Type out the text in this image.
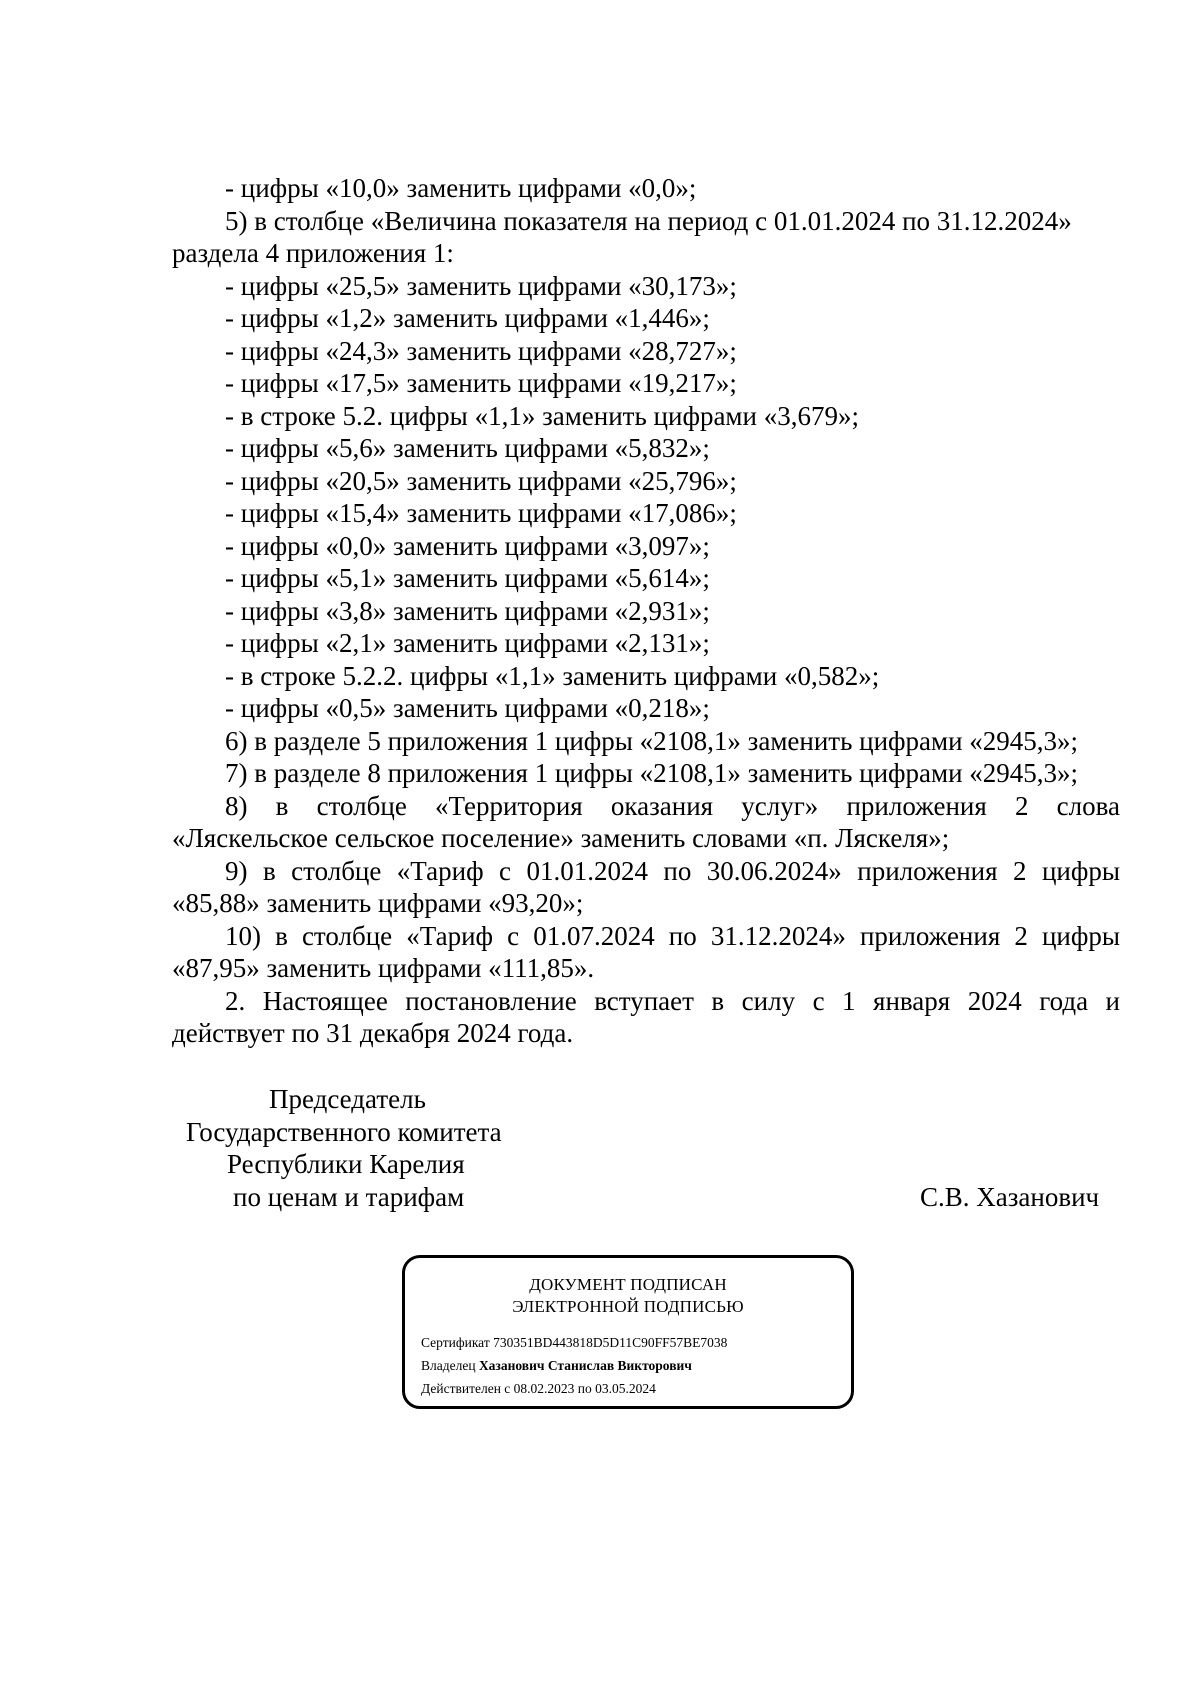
- цифры «10,0» заменить цифрами «0,0»;
5) в столбце «Величина показателя на период с 01.01.2024 по 31.12.2024»
раздела 4 приложения 1:
- цифры «25,5» заменить цифрами «30,173»;
- цифры «1,2» заменить цифрами «1,446»;
- цифры «24,3» заменить цифрами «28,727»;
- цифры «17,5» заменить цифрами «19,217»;
- в строке 5.2. цифры «1,1» заменить цифрами «3,679»;
- цифры «5,6» заменить цифрами «5,832»;
- цифры «20,5» заменить цифрами «25,796»;
- цифры «15,4» заменить цифрами «17,086»;
- цифры «0,0» заменить цифрами «3,097»;
- цифры «5,1» заменить цифрами «5,614»;
- цифры «3,8» заменить цифрами «2,931»;
- цифры «2,1» заменить цифрами «2,131»;
- в строке 5.2.2. цифры «1,1» заменить цифрами «0,582»;
- цифры «0,5» заменить цифрами «0,218»;
6) в разделе 5 приложения 1 цифры «2108,1» заменить цифрами «2945,3»;
7) в разделе 8 приложения 1 цифры «2108,1» заменить цифрами «2945,3»;
8) в столбце «Территория оказания услуг» приложения 2 слова
«Ляскельское сельское поселение» заменить словами «п. Ляскеля»;
9) в столбце «Тариф с 01.01.2024 по 30.06.2024» приложения 2 цифры
«85,88» заменить цифрами «93,20»;
10) в столбце «Тариф с 01.07.2024 по 31.12.2024» приложения 2 цифры
«87,95» заменить цифрами «111,85».
2. Настоящее постановление вступает в силу с 1 января 2024 года и
действует по 31 декабря 2024 года.
Председатель
Государственного комитета
Республики Карелия
по ценам и тарифам	С.В. Хазанович
ДОКУМЕНТ ПОДПИСАН
ЭЛЕКТРОННОЙ ПОДПИСЬЮ
Сертификат 730351BD443818D5D11C90FF57BE7038
Владелец Хазанович Станислав Викторович
Действителен с 08.02.2023 по 03.05.2024
